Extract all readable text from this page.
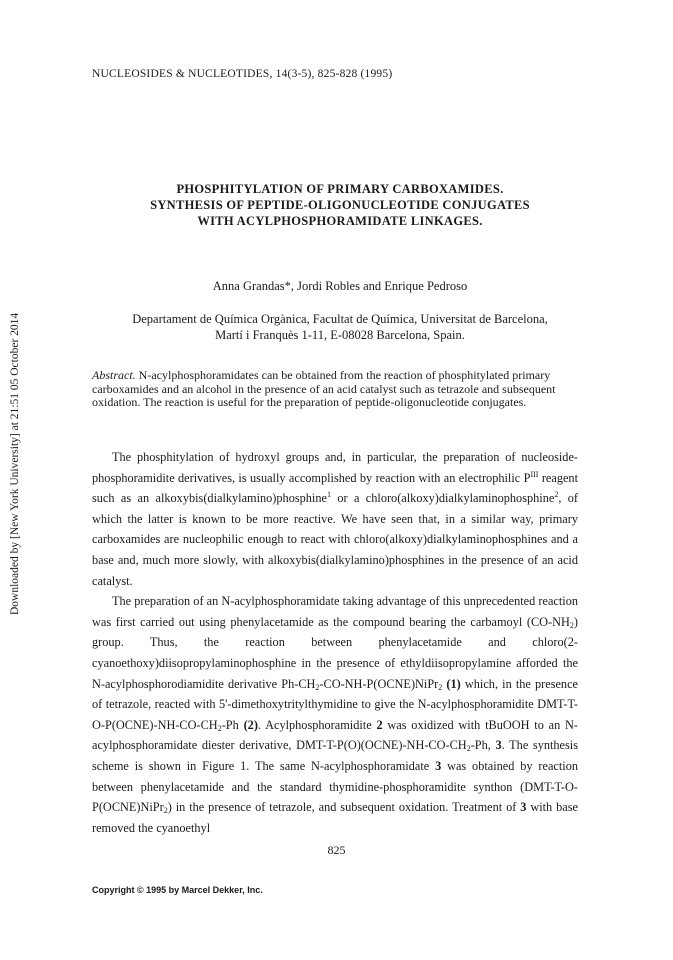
Downloaded by [New York University] at 21:51 05 October 2014
NUCLEOSIDES & NUCLEOTIDES, 14(3-5), 825-828 (1995)
PHOSPHITYLATION OF PRIMARY CARBOXAMIDES.
SYNTHESIS OF PEPTIDE-OLIGONUCLEOTIDE CONJUGATES
WITH ACYLPHOSPHORAMIDATE LINKAGES.
Anna Grandas*, Jordi Robles and Enrique Pedroso
Departament de Química Orgànica, Facultat de Química, Universitat de Barcelona,
Martí i Franquès 1-11, E-08028 Barcelona, Spain.
Abstract. N-acylphosphoramidates can be obtained from the reaction of phosphitylated primary carboxamides and an alcohol in the presence of an acid catalyst such as tetrazole and subsequent oxidation. The reaction is useful for the preparation of peptide-oligonucleotide conjugates.

The phosphitylation of hydroxyl groups and, in particular, the preparation of nucleoside-phosphoramidite derivatives, is usually accomplished by reaction with an electrophilic $P^{III}$ reagent such as an alkoxybis(dialkylamino)phosphine$^1$ or a chloro(alkoxy)dialkylaminophosphine$^2$, of which the latter is known to be more reactive. We have seen that, in a similar way, primary carboxamides are nucleophilic enough to react with chloro(alkoxy)dialkylaminophosphines and a base and, much more slowly, with alkoxybis(dialkylamino)phosphines in the presence of an acid catalyst.

The preparation of an N-acylphosphoramidate taking advantage of this unprecedented reaction was first carried out using phenylacetamide as the compound bearing the carbamoyl $(CO-NH_2)$ group. Thus, the reaction between phenylacetamide and chloro(2-cyanoethoxy)diisopropylaminophosphine in the presence of ethyldiisopropylamine afforded the N-acylphosphorodiamidite derivative $Ph-CH_2-CO-NH-P(OCNE)NiPr_2$ (1) which, in the presence of tetrazole, reacted with 5'-dimethoxytritylthymidine to give the N-acylphosphoramidite DMT-$T-O-P(OCNE)-NH-CO-CH_2-Ph$ (2). Acylphosphoramidite 2 was oxidized with tBuOOH to an N-acylphosphoramidate diester derivative, DMT-$T-P(O)(OCNE)-NH-CO-CH_2-Ph$, 3. The synthesis scheme is shown in Figure 1. The same N-acylphosphoramidate 3 was obtained by reaction between phenylacetamide and the standard thymidine-phosphoramidite synthon (DMT-T-O-P(OCNE)NiPr$_2$) in the presence of tetrazole, and subsequent oxidation. Treatment of 3 with base removed the cyanoethyl

825
Copyright © 1995 by Marcel Dekker, Inc.
